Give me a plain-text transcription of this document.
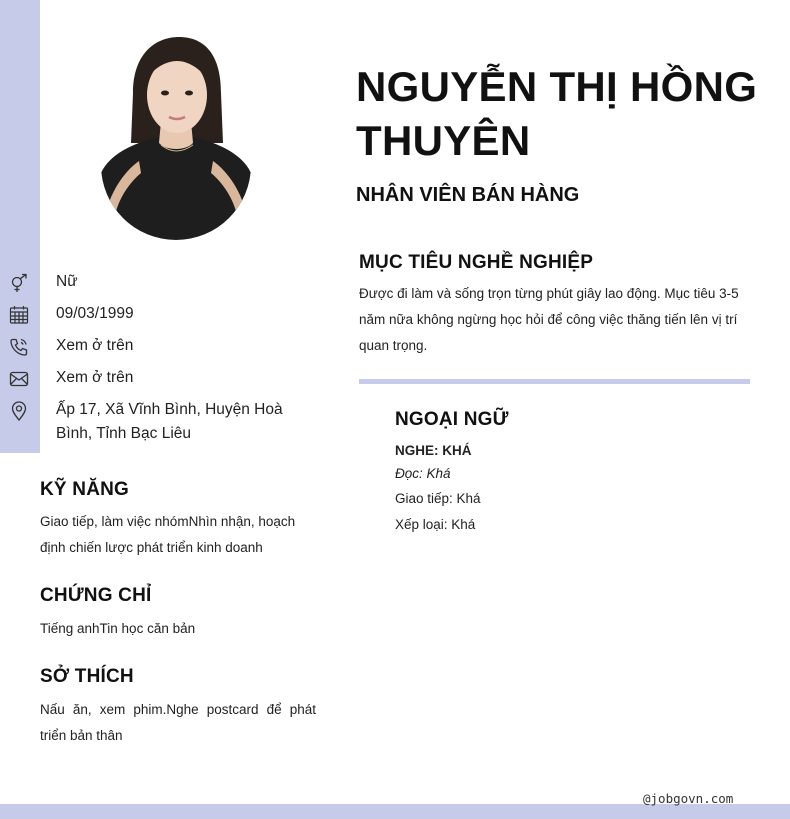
Nữ
09/03/1999
Xem ở trên
Xem ở trên
Ấp 17, Xã Vĩnh Bình, Huyện Hoà Bình, Tỉnh Bạc Liêu
KỸ NĂNG
Giao tiếp, làm việc nhómNhìn nhận, hoạch định chiến lược phát triển kinh doanh
CHỨNG CHỈ
Tiếng anhTin học căn bản
SỞ THÍCH
Nấu ăn, xem phim.Nghe postcard để phát triển bản thân
NGUYỄN THỊ HỒNG THUYÊN
NHÂN VIÊN BÁN HÀNG
MỤC TIÊU NGHỀ NGHIỆP
Được đi làm và sống trọn từng phút giây lao động. Mục tiêu 3-5 năm nữa không ngừng học hỏi để công việc thăng tiến lên vị trí quan trọng.
NGOẠI NGỮ
NGHE: KHÁ
Đọc: Khá
Giao tiếp: Khá
Xếp loại: Khá
@jobgovn.com
